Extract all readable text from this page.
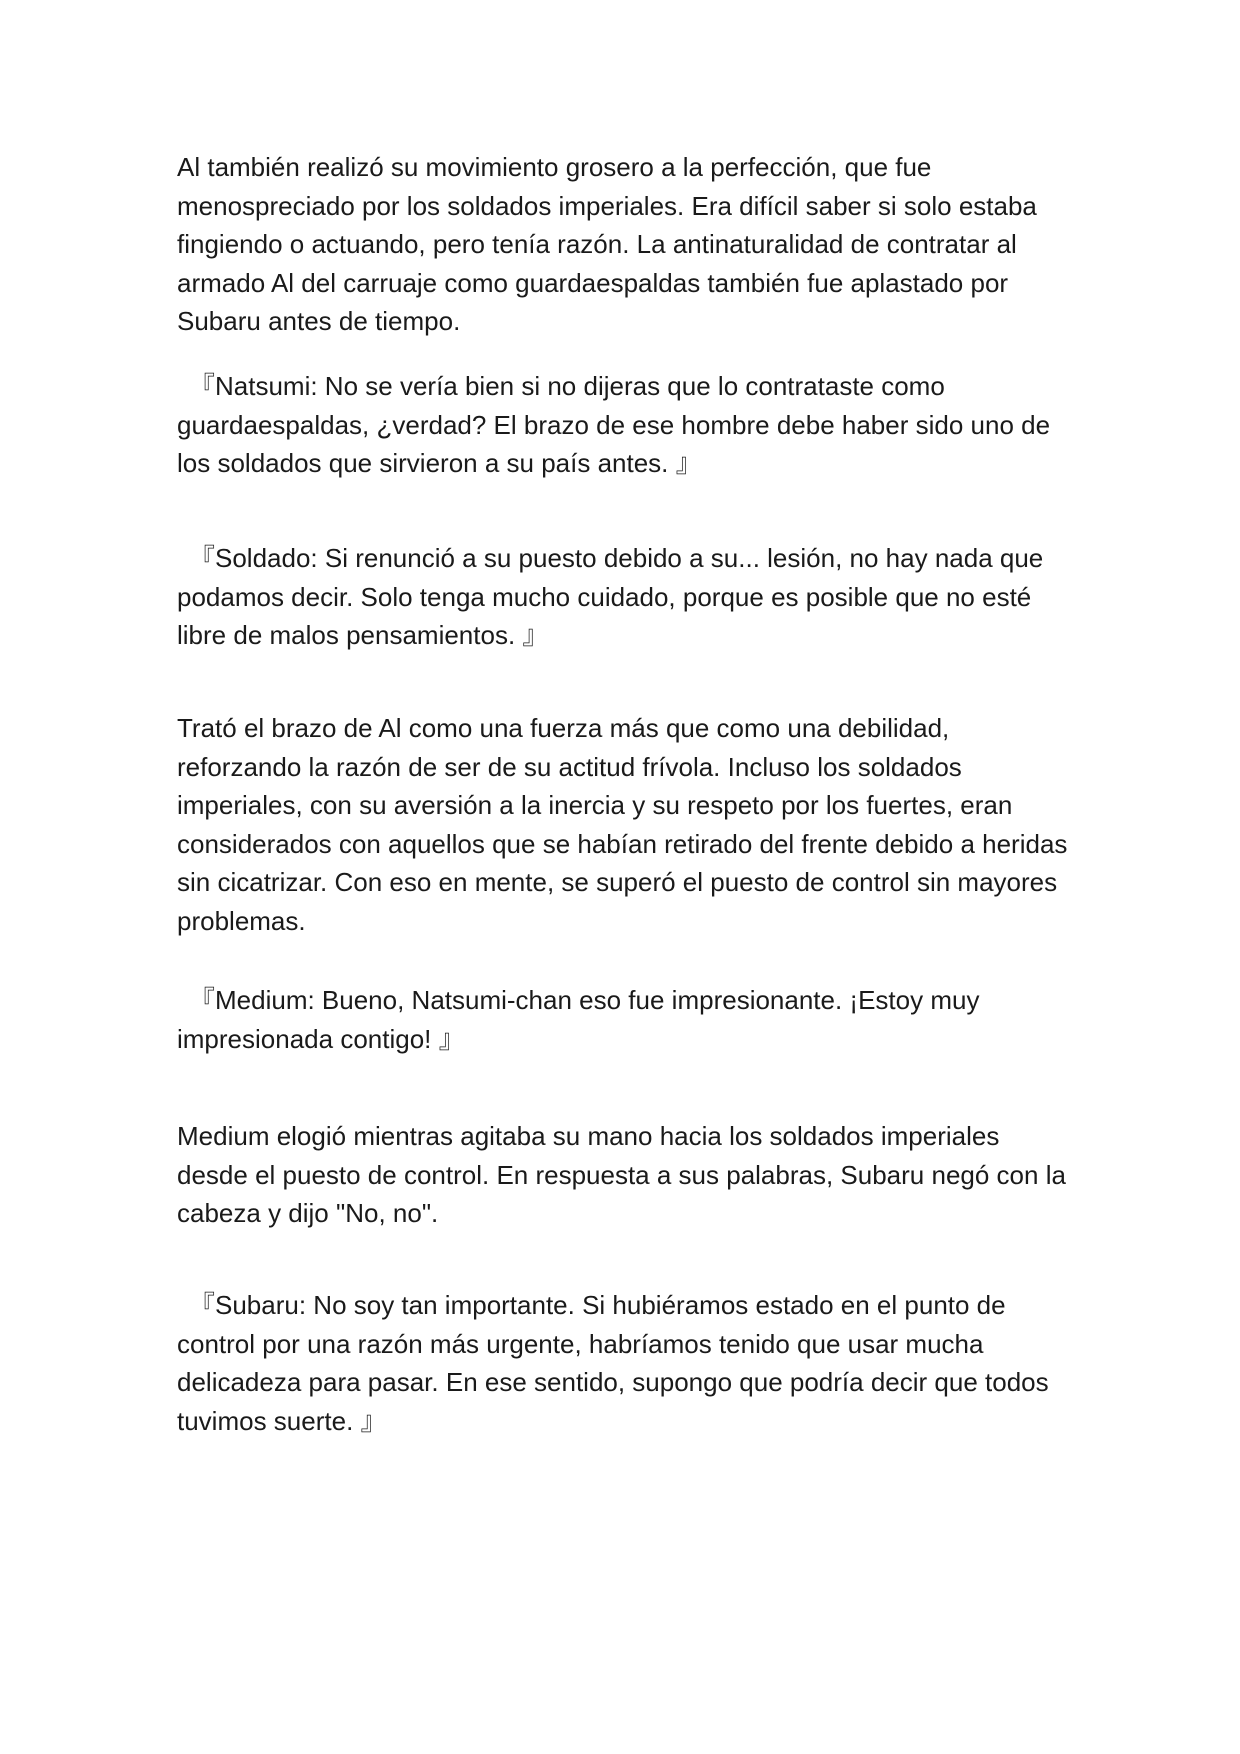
Al también realizó su movimiento grosero a la perfección, que fue menospreciado por los soldados imperiales. Era difícil saber si solo estaba fingiendo o actuando, pero tenía razón. La antinaturalidad de contratar al armado Al del carruaje como guardaespaldas también fue aplastado por Subaru antes de tiempo.

『Natsumi: No se vería bien si no dijeras que lo contrataste como guardaespaldas, ¿verdad? El brazo de ese hombre debe haber sido uno de los soldados que sirvieron a su país antes. 』

『Soldado: Si renunció a su puesto debido a su... lesión, no hay nada que podamos decir. Solo tenga mucho cuidado, porque es posible que no esté libre de malos pensamientos. 』

Trató el brazo de Al como una fuerza más que como una debilidad, reforzando la razón de ser de su actitud frívola. Incluso los soldados imperiales, con su aversión a la inercia y su respeto por los fuertes, eran considerados con aquellos que se habían retirado del frente debido a heridas sin cicatrizar. Con eso en mente, se superó el puesto de control sin mayores problemas.

『Medium: Bueno, Natsumi-chan eso fue impresionante. ¡Estoy muy impresionada contigo! 』

Medium elogió mientras agitaba su mano hacia los soldados imperiales desde el puesto de control. En respuesta a sus palabras, Subaru negó con la cabeza y dijo "No, no".

『Subaru: No soy tan importante. Si hubiéramos estado en el punto de control por una razón más urgente, habríamos tenido que usar mucha delicadeza para pasar. En ese sentido, supongo que podría decir que todos tuvimos suerte. 』
